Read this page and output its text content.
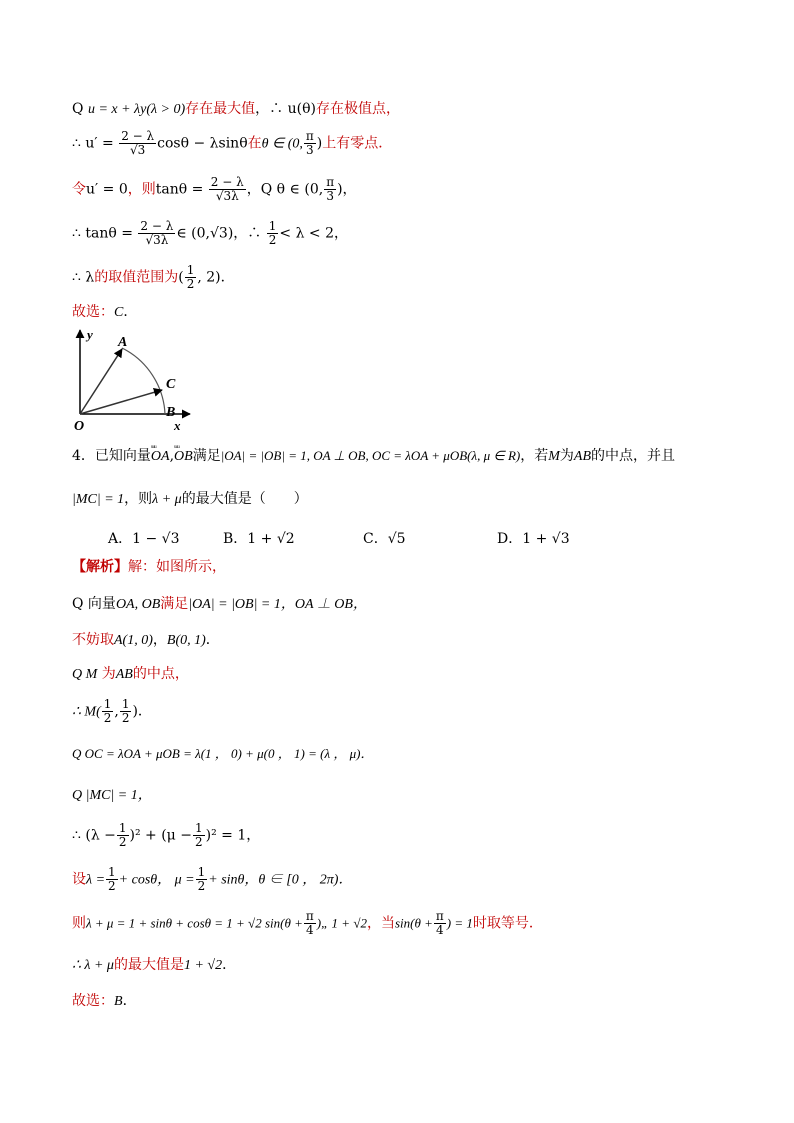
Q u = x + λy(λ > 0)存在最大值，∴ u(θ)存在极值点，
∴ $u' = \frac{2 - \lambda}{√3}$ cosθ − λsinθ在θ ∈ (0, $\frac{\pi}{3}$ )上有零点．
令u′ = 0，则$\tan\theta = \frac{2 - \lambda}{√3\lambda}$ ，Q θ ∈ (0, $\frac{\pi}{3}$ )，
∴ $\tan\theta = \frac{2 - \lambda}{√3\lambda}$ ∈ (0,√3)，∴ $\frac{1}{2} < \lambda < 2$，
∴ λ的取值范围为( $\frac{1}{2}$ , 2)．
故选：C．
y
A
C
B
O	x
4．已知向量ᵘᵘᵘ OA,ᵘᵘᵘ OB满足|OA| = |OB| = 1, OA ⊥ OB, OC = λOA + μOB(λ, μ ∈ R)，若M为AB的中点，并且
|MC| = 1，则λ + μ的最大值是（　　）
A．1 − √3	B．1 + √2	C．√5	D．1 + √3
【解析】解：如图所示，
Q 向量OA, OB满足|OA| = |OB| = 1，OA ⊥ OB，
不妨取A(1, 0)，B(0, 1)．
Q M 为AB的中点，
∴ $M( \frac{1}{2}$ , $\frac{1}{2}$ )．
Q OC = λOA + μOB = λ(1 ， 0) + μ(0 ， 1) = (λ ， μ)．
Q |MC| = 1，
∴ $(\lambda - \frac{1}{2} )^2 + (\mu - \frac{1}{2} )^2 = 1$，
设$\lambda = \frac{1}{2} + \cos\theta$， $\mu = \frac{1}{2} + \sin\theta$，θ ∈ [0 ， 2π)．
则λ + μ = 1 + sinθ + cosθ = 1 + √2 $\sin(\theta + \frac{\pi}{4}$ )„ 1 + √2，当$\sin(\theta + \frac{\pi}{4}$ ) = 1时取等号．
∴ λ + μ的最大值是1 + √2．
故选：B．
